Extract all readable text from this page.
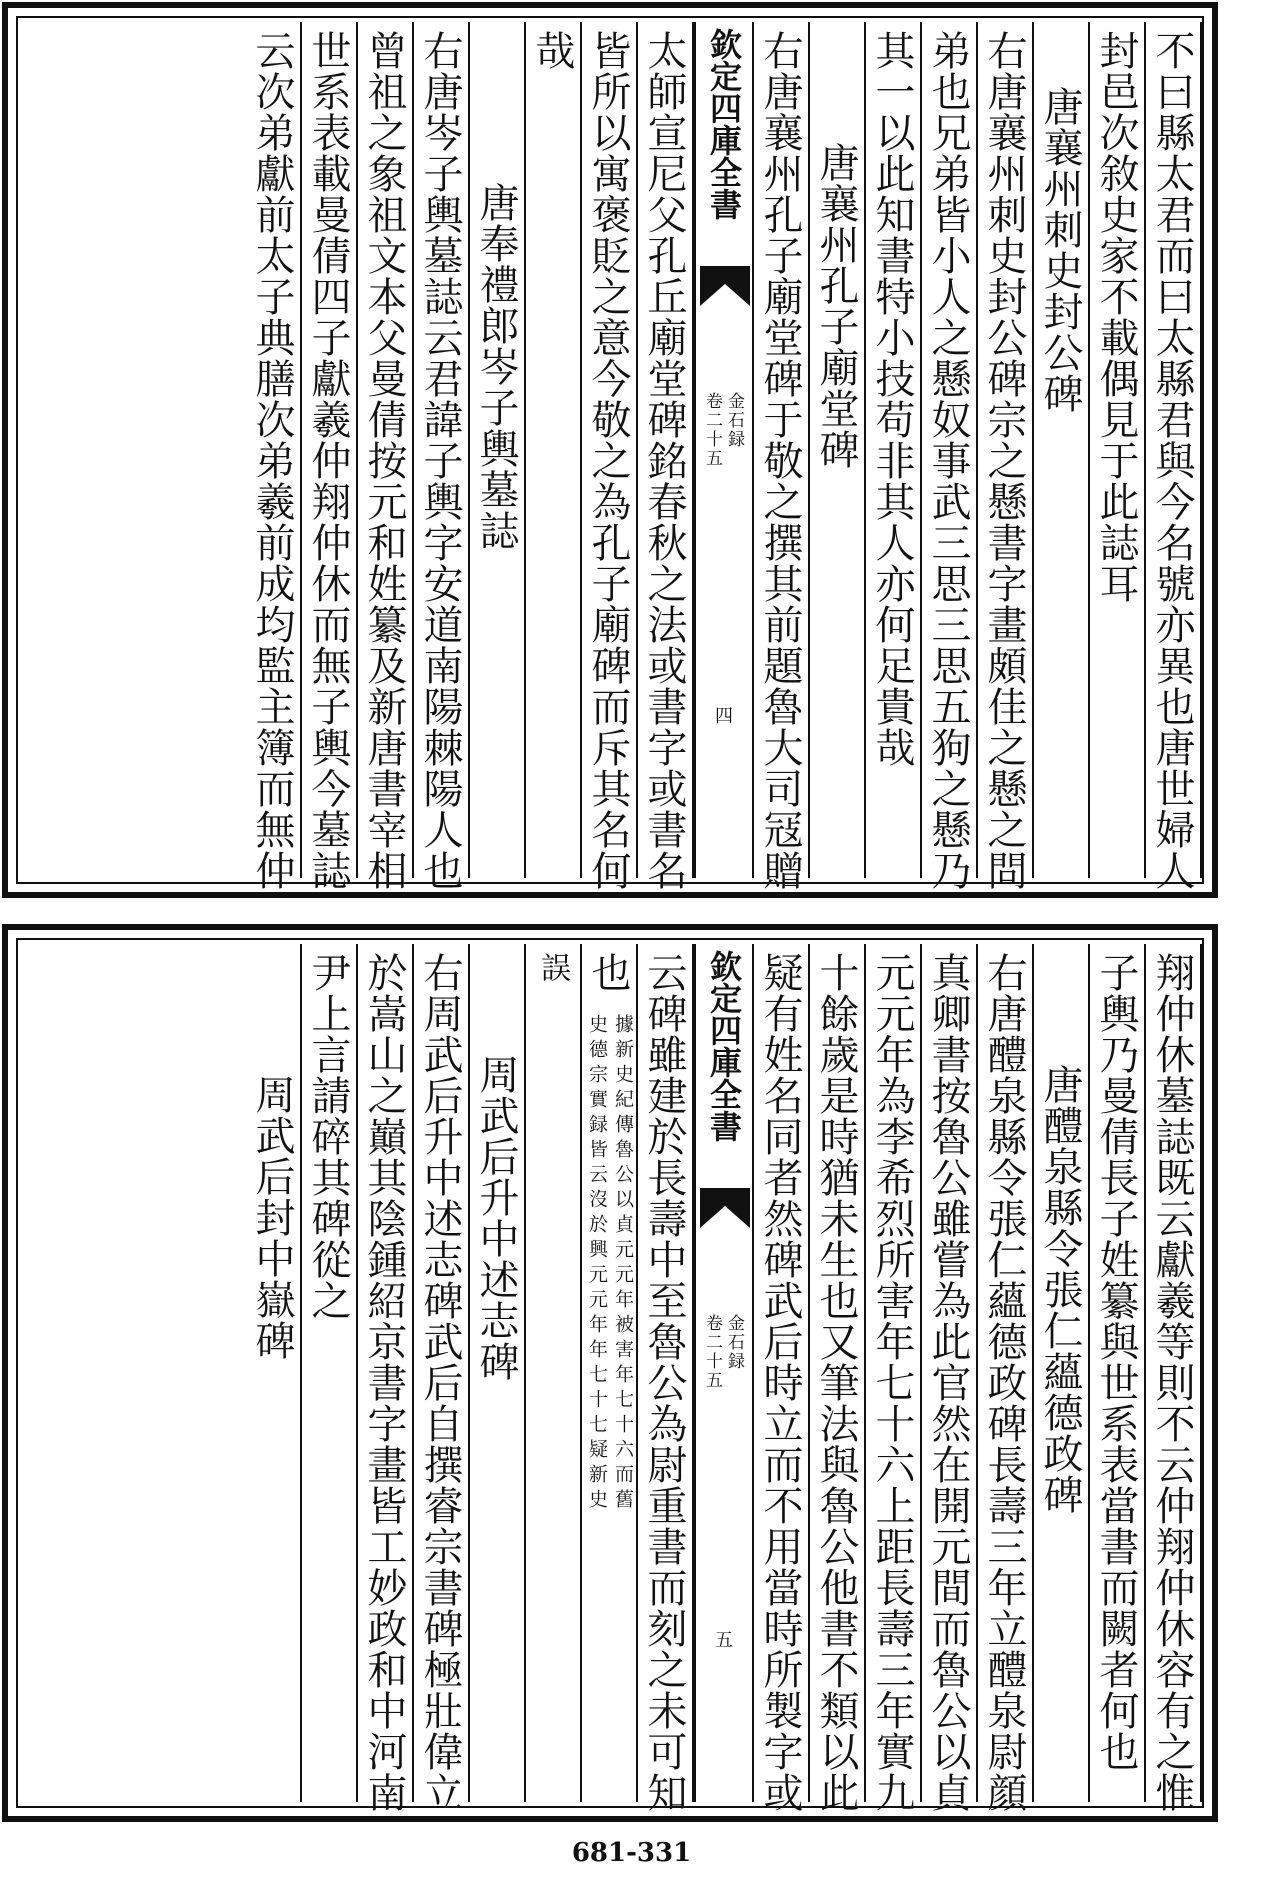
不曰縣太君而曰太縣君與今名號亦異也唐世婦人
封邑次敘史家不載偶見于此誌耳
唐襄州刺史封公碑
右唐襄州刺史封公碑宗之懸書字畫頗佳之懸之問
弟也兄弟皆小人之懸奴事武三思三思五狗之懸乃
其一以此知書特小技苟非其人亦何足貴哉
唐襄州孔子廟堂碑
右唐襄州孔子廟堂碑于敬之撰其前題魯大司冦贈
欽定四庫全書
金石録
卷二十五
四
太師宣尼父孔丘廟堂碑銘春秋之法或書字或書名
皆所以寓褒貶之意今敬之為孔子廟碑而斥其名何
哉
唐奉禮郎岑子輿墓誌
右唐岑子輿墓誌云君諱子輿字安道南陽棘陽人也
曾祖之象祖文本父曼倩按元和姓纂及新唐書宰相
世系表載曼倩四子獻羲仲翔仲休而無子輿今墓誌
云次弟獻前太子典膳次弟羲前成均監主簿而無仲
翔仲休墓誌既云獻羲等則不云仲翔仲休容有之惟
子輿乃曼倩長子姓纂與世系表當書而闕者何也
唐醴泉縣令張仁蘊德政碑
右唐醴泉縣令張仁蘊德政碑長壽三年立醴泉尉顔
真卿書按魯公雖嘗為此官然在開元間而魯公以貞
元元年為李希烈所害年七十六上距長壽三年實九
十餘歲是時猶未生也又筆法與魯公他書不類以此
疑有姓名同者然碑武后時立而不用當時所製字或
欽定四庫全書
金石録
卷二十五
五
云碑雖建於長壽中至魯公為尉重書而刻之未可知
也
據新史紀傳魯公以貞元元年被害年七十六而舊
史德宗實録皆云沒於興元元年年七十七疑新史
誤
周武后升中述志碑
右周武后升中述志碑武后自撰睿宗書碑極壯偉立
於嵩山之巔其陰鍾紹京書字畫皆工妙政和中河南
尹上言請碎其碑從之
周武后封中嶽碑
681-331
